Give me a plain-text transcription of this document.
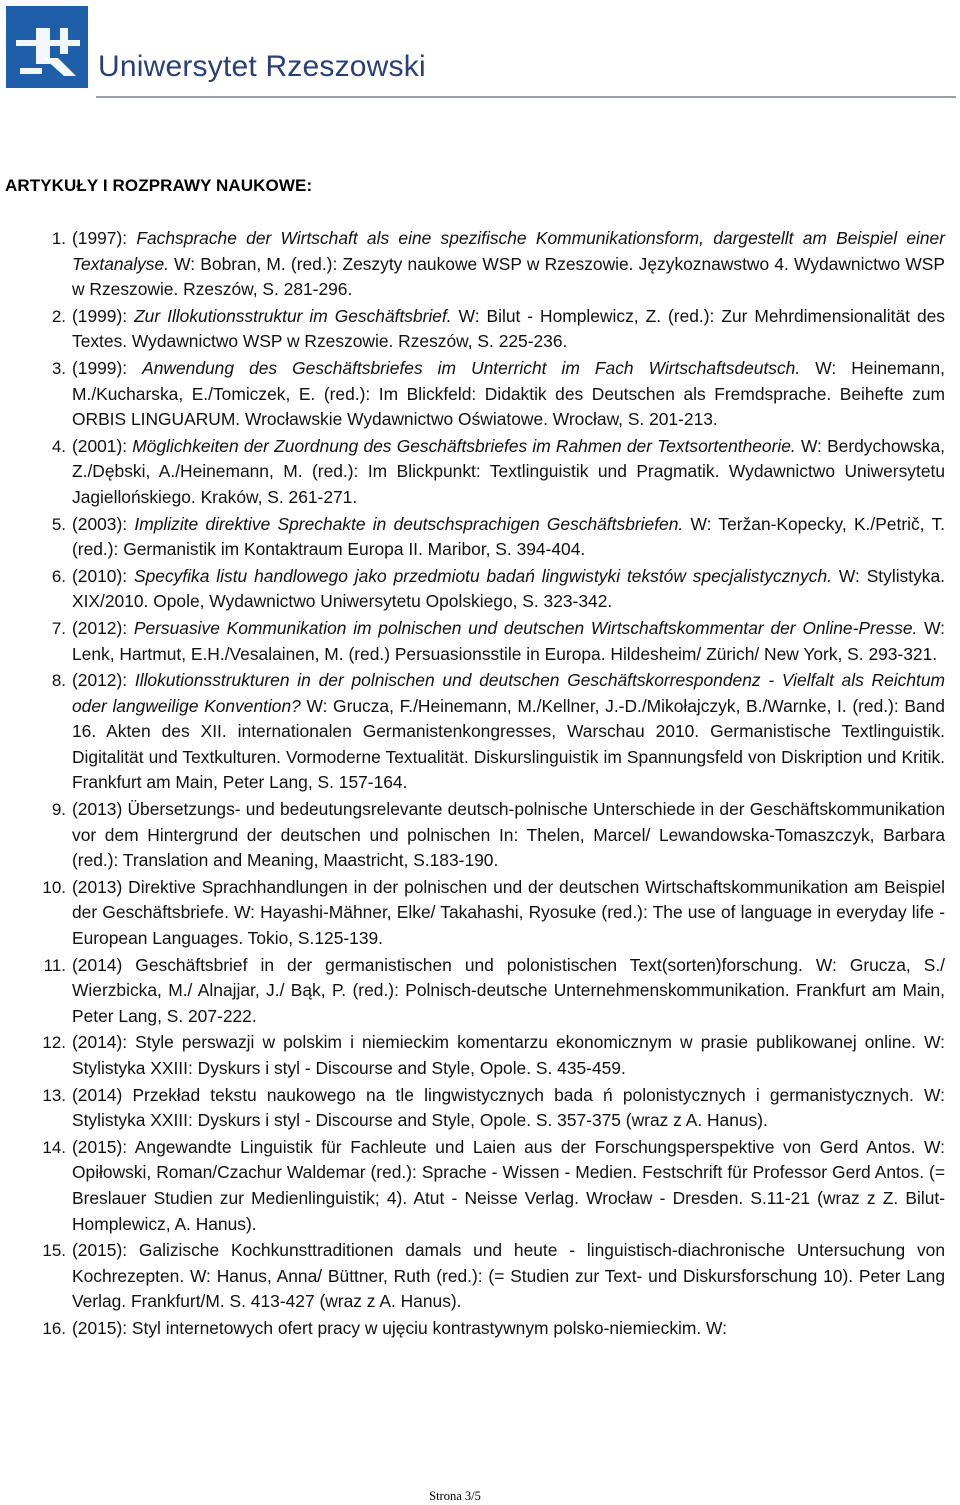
Uniwersytet Rzeszowski
ARTYKUŁY I ROZPRAWY NAUKOWE:
1. (1997): Fachsprache der Wirtschaft als eine spezifische Kommunikationsform, dargestellt am Beispiel einer Textanalyse. W: Bobran, M. (red.): Zeszyty naukowe WSP w Rzeszowie. Językoznawstwo 4. Wydawnictwo WSP w Rzeszowie. Rzeszów, S. 281-296.
2. (1999): Zur Illokutionsstruktur im Geschäftsbrief. W: Bilut - Homplewicz, Z. (red.): Zur Mehrdimensionalität des Textes. Wydawnictwo WSP w Rzeszowie. Rzeszów, S. 225-236.
3. (1999): Anwendung des Geschäftsbriefes im Unterricht im Fach Wirtschaftsdeutsch. W: Heinemann, M./Kucharska, E./Tomiczek, E. (red.): Im Blickfeld: Didaktik des Deutschen als Fremdsprache. Beihefte zum ORBIS LINGUARUM. Wrocławskie Wydawnictwo Oświatowe. Wrocław, S. 201-213.
4. (2001): Möglichkeiten der Zuordnung des Geschäftsbriefes im Rahmen der Textsortentheorie. W: Berdychowska, Z./Dębski, A./Heinemann, M. (red.): Im Blickpunkt: Textlinguistik und Pragmatik. Wydawnictwo Uniwersytetu Jagiellońskiego. Kraków, S. 261-271.
5. (2003): Implizite direktive Sprechakte in deutschsprachigen Geschäftsbriefen. W: Teržan-Kopecky, K./Petrič, T. (red.): Germanistik im Kontaktraum Europa II. Maribor, S. 394-404.
6. (2010): Specyfika listu handlowego jako przedmiotu badań lingwistyki tekstów specjalistycznych. W: Stylistyka. XIX/2010. Opole, Wydawnictwo Uniwersytetu Opolskiego, S. 323-342.
7. (2012): Persuasive Kommunikation im polnischen und deutschen Wirtschaftskommentar der Online-Presse. W: Lenk, Hartmut, E.H./Vesalainen, M. (red.) Persuasionsstile in Europa. Hildesheim/ Zürich/ New York, S. 293-321.
8. (2012): Illokutionsstrukturen in der polnischen und deutschen Geschäftskorrespondenz - Vielfalt als Reichtum oder langweilige Konvention? W: Grucza, F./Heinemann, M./Kellner, J.-D./Mikołajczyk, B./Warnke, I. (red.): Band 16. Akten des XII. internationalen Germanistenkongresses, Warschau 2010. Germanistische Textlinguistik. Digitalität und Textkulturen. Vormoderne Textualität. Diskurslinguistik im Spannungsfeld von Diskription und Kritik. Frankfurt am Main, Peter Lang, S. 157-164.
9. (2013) Übersetzungs- und bedeutungsrelevante deutsch-polnische Unterschiede in der Geschäftskommunikation vor dem Hintergrund der deutschen und polnischen In: Thelen, Marcel/ Lewandowska-Tomaszczyk, Barbara (red.): Translation and Meaning, Maastricht, S.183-190.
10. (2013) Direktive Sprachhandlungen in der polnischen und der deutschen Wirtschaftskommunikation am Beispiel der Geschäftsbriefe. W: Hayashi-Mähner, Elke/ Takahashi, Ryosuke (red.): The use of language in everyday life - European Languages. Tokio, S.125-139.
11. (2014) Geschäftsbrief in der germanistischen und polonistischen Text(sorten)forschung. W: Grucza, S./ Wierzbicka, M./ Alnajjar, J./ Bąk, P. (red.): Polnisch-deutsche Unternehmenskommunikation. Frankfurt am Main, Peter Lang, S. 207-222.
12. (2014): Style perswazji w polskim i niemieckim komentarzu ekonomicznym w prasie publikowanej online. W: Stylistyka XXIII: Dyskurs i styl - Discourse and Style, Opole. S. 435-459.
13. (2014) Przekład tekstu naukowego na tle lingwistycznych bada ń polonistycznych i germanistycznych. W: Stylistyka XXIII: Dyskurs i styl - Discourse and Style, Opole. S. 357-375 (wraz z A. Hanus).
14. (2015): Angewandte Linguistik für Fachleute und Laien aus der Forschungsperspektive von Gerd Antos. W: Opiłowski, Roman/Czachur Waldemar (red.): Sprache - Wissen - Medien. Festschrift für Professor Gerd Antos. (= Breslauer Studien zur Medienlinguistik; 4). Atut - Neisse Verlag. Wrocław - Dresden. S.11-21 (wraz z Z. Bilut-Homplewicz, A. Hanus).
15. (2015): Galizische Kochkunsttraditionen damals und heute - linguistisch-diachronische Untersuchung von Kochrezepten. W: Hanus, Anna/ Büttner, Ruth (red.): (= Studien zur Text- und Diskursforschung 10). Peter Lang Verlag. Frankfurt/M. S. 413-427 (wraz z A. Hanus).
16. (2015): Styl internetowych ofert pracy w ujęciu kontrastywnym polsko-niemieckim. W:
Strona 3/5
